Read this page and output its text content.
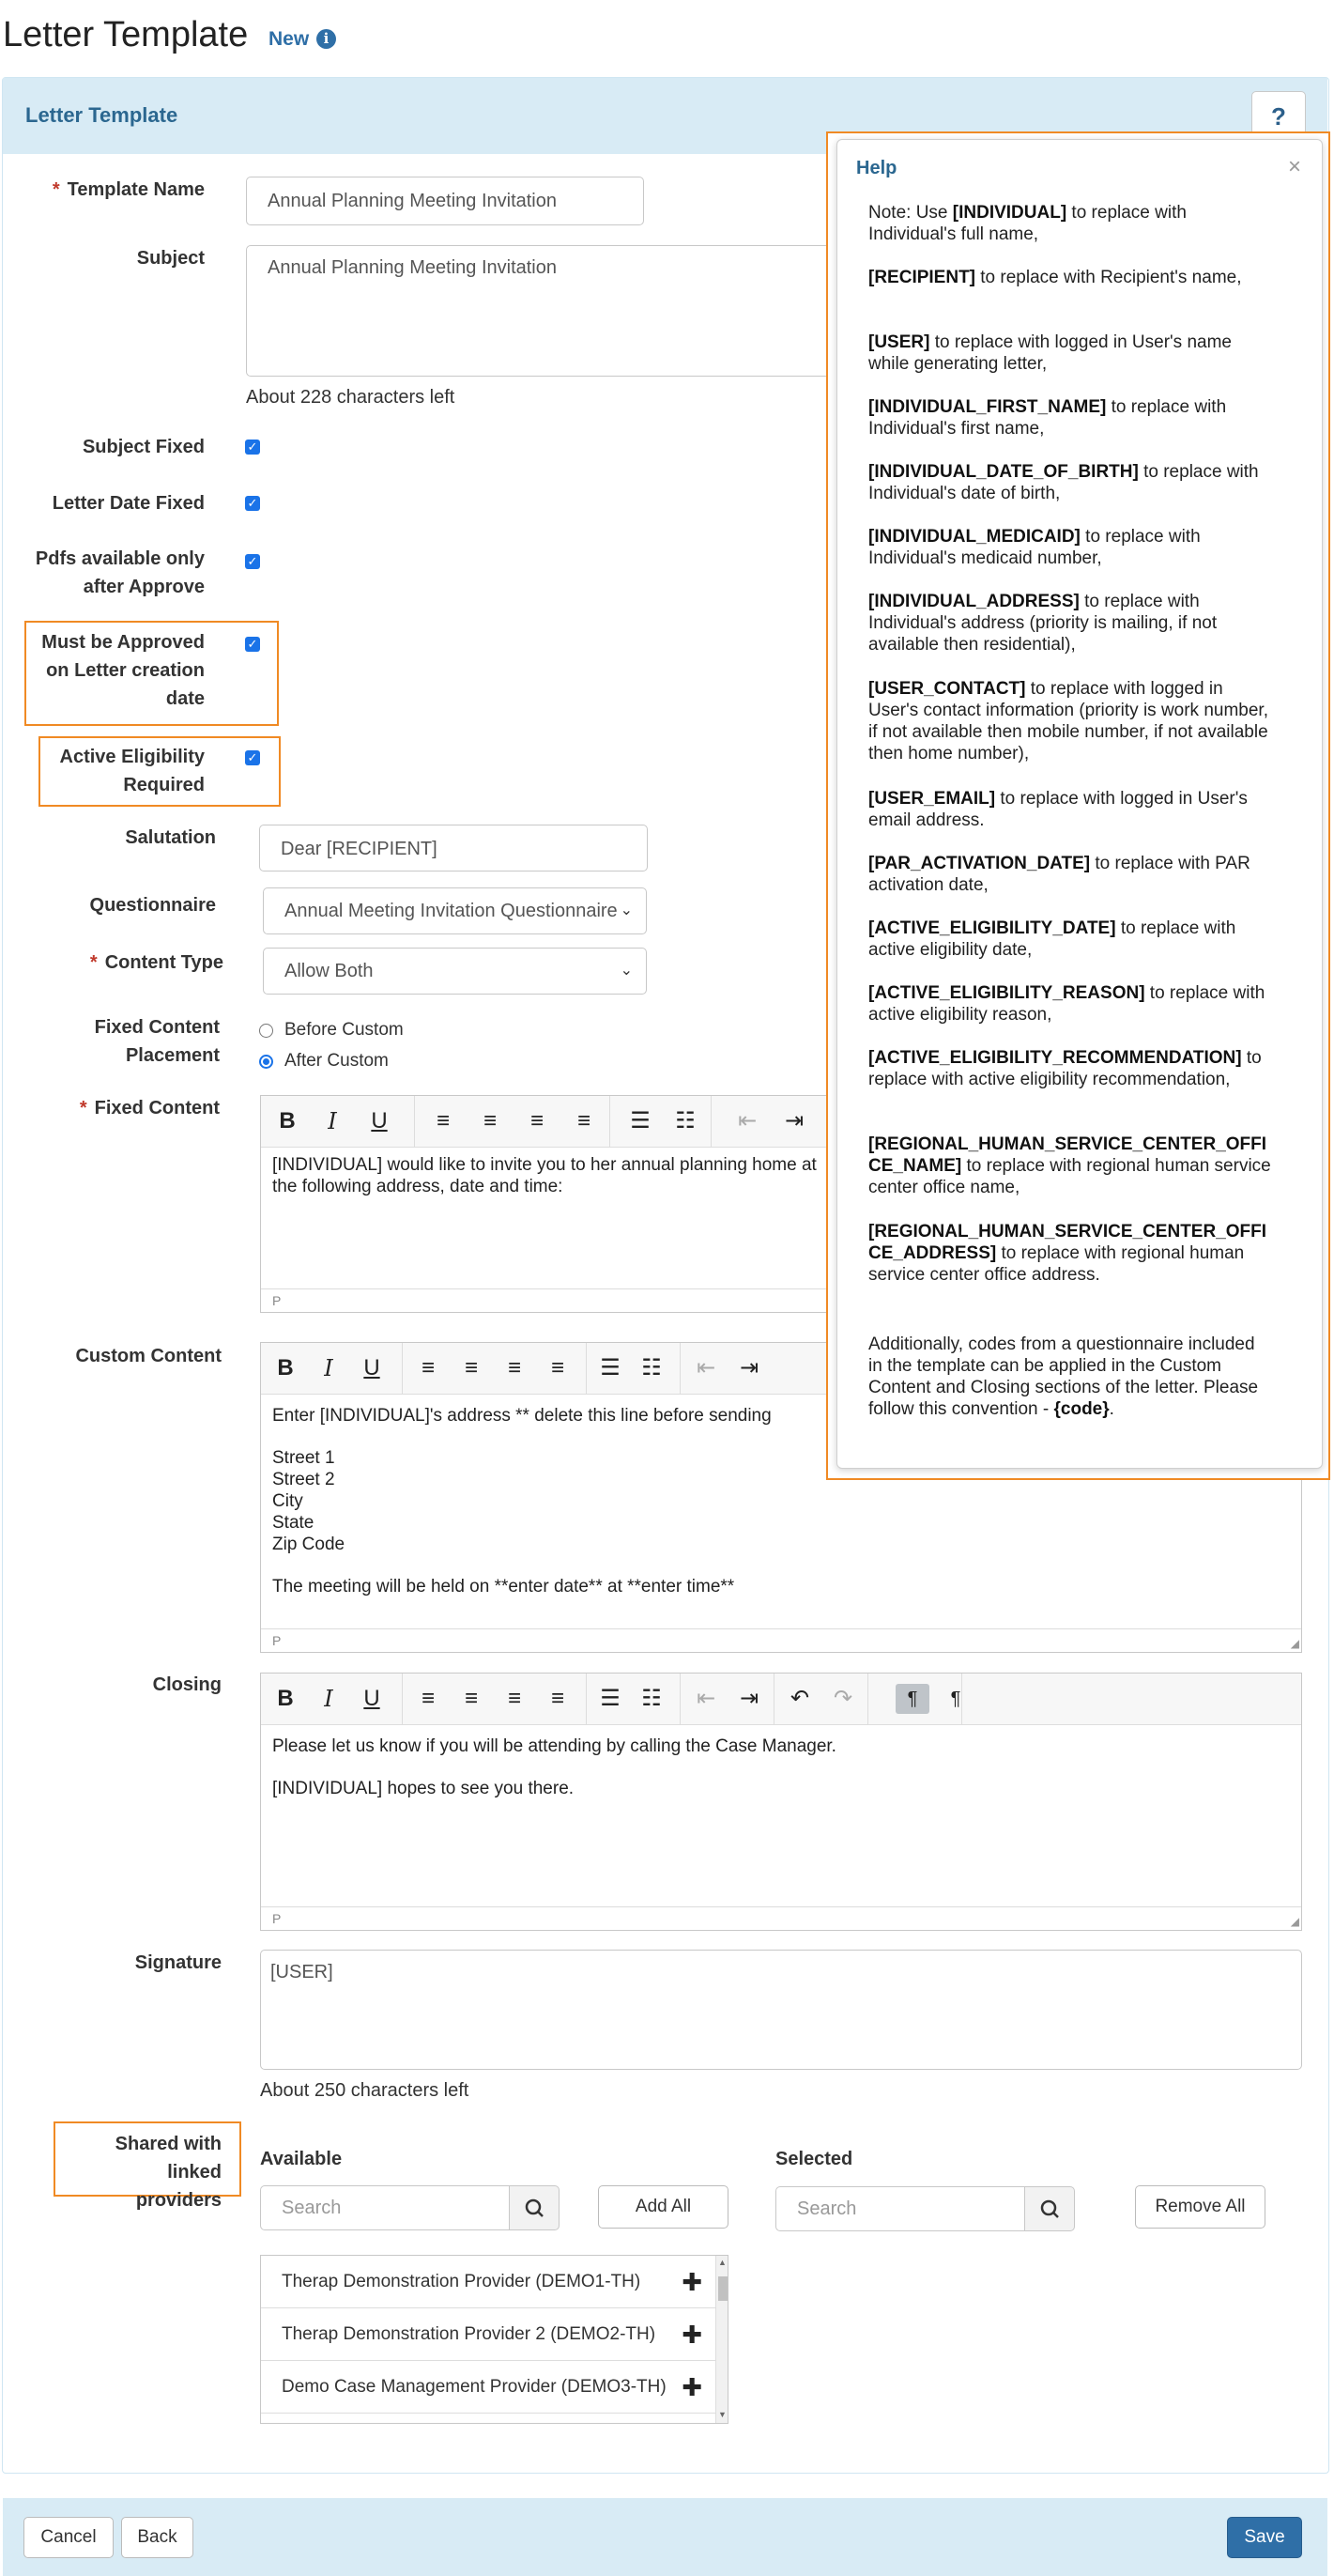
Letter Template New	i
Letter Template	?
* Template Name
Annual Planning Meeting Invitation
Subject	Annual Planning Meeting Invitation
About 228 characters left
Subject Fixed	✓
Letter Date Fixed	✓
Pdfs available only
after Approve
✓
Must be Approved
on Letter creation
date
✓
Active Eligibility
Required
✓
Salutation
Dear [RECIPIENT]
Questionnaire	Annual Meeting Invitation Questionnaire ⌄
* Content Type	Allow Both	⌄
Fixed Content
Placement
Before Custom
After Custom
* Fixed Content	B	I	U	≡	≡	≡	≡	☰	☷	⇤	⇥
[INDIVIDUAL] would like to invite you to her annual planning home at the following address, date and time:
P
Custom Content	B	I	U	≡	≡	≡	≡	☰ ☷	⇤	⇥
Enter [INDIVIDUAL]'s address ** delete this line before sending
Street 1
Street 2
City
State
Zip Code
The meeting will be held on **enter date** at **enter time**
P	◢
Closing
B	I	U	≡	≡	≡	≡	☰ ☷	⇤	⇥	↶	↷	¶	¶
Please let us know if you will be attending by calling the Case Manager.
[INDIVIDUAL] hopes to see you there.
P	◢
Signature	[USER]
About 250 characters left
Shared with linked
providers
Available	Selected
Search	Add All	Search	Remove All
Therap Demonstration Provider (DEMO1-TH) ✚
Therap Demonstration Provider 2 (DEMO2-TH) ✚
Demo Case Management Provider (DEMO3-TH) ✚
▲
▼
Help	×
Note: Use [INDIVIDUAL] to replace with Individual's full name,
[RECIPIENT] to replace with Recipient's name,
[USER] to replace with logged in User's name while generating letter,
[INDIVIDUAL_FIRST_NAME] to replace with Individual's first name,
[INDIVIDUAL_DATE_OF_BIRTH] to replace with Individual's date of birth,
[INDIVIDUAL_MEDICAID] to replace with Individual's medicaid number,
[INDIVIDUAL_ADDRESS] to replace with Individual's address (priority is mailing, if not available then residential),
[USER_CONTACT] to replace with logged in User's contact information (priority is work number, if not available then mobile number, if not available then home number),
[USER_EMAIL] to replace with logged in User's email address.
[PAR_ACTIVATION_DATE] to replace with PAR activation date,
[ACTIVE_ELIGIBILITY_DATE] to replace with active eligibility date,
[ACTIVE_ELIGIBILITY_REASON] to replace with active eligibility reason,
[ACTIVE_ELIGIBILITY_RECOMMENDATION] to replace with active eligibility recommendation,
[REGIONAL_HUMAN_SERVICE_CENTER_OFFICE_NAME] to replace with regional human service center office name,
[REGIONAL_HUMAN_SERVICE_CENTER_OFFICE_ADDRESS] to replace with regional human service center office address.
Additionally, codes from a questionnaire included in the template can be applied in the Custom Content and Closing sections of the letter. Please follow this convention - {code}.
Cancel	Back	Save
